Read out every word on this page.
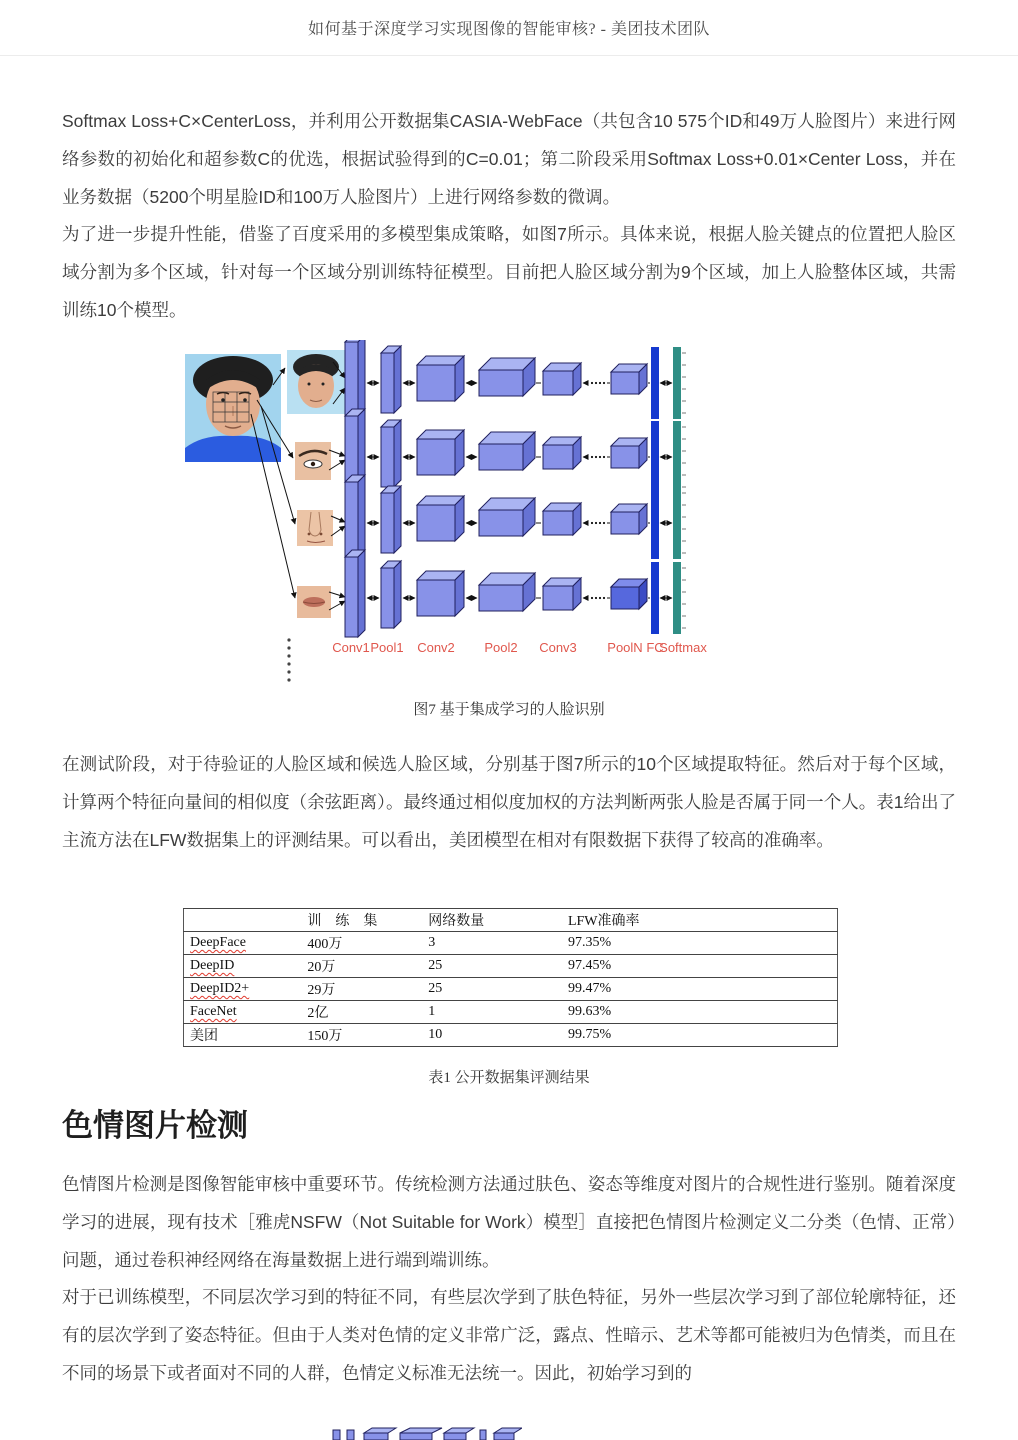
如何基于深度学习实现图像的智能审核? - 美团技术团队
Softmax Loss+C×CenterLoss，并利用公开数据集CASIA-WebFace（共包含10 575个ID和49万人脸图片）来进行网络参数的初始化和超参数C的优选，根据试验得到的C=0.01；第二阶段采用Softmax Loss+0.01×Center Loss，并在业务数据（5200个明星脸ID和100万人脸图片）上进行网络参数的微调。
为了进一步提升性能，借鉴了百度采用的多模型集成策略，如图7所示。具体来说，根据人脸关键点的位置把人脸区域分割为多个区域，针对每一个区域分别训练特征模型。目前把人脸区域分割为9个区域，加上人脸整体区域，共需训练10个模型。
Conv1 Pool1 Conv2 Pool2 Conv3 PoolN FC
Softmax
图7 基于集成学习的人脸识别
在测试阶段，对于待验证的人脸区域和候选人脸区域，分别基于图7所示的10个区域提取特征。然后对于每个区域，计算两个特征向量间的相似度（余弦距离）。最终通过相似度加权的方法判断两张人脸是否属于同一个人。表1给出了主流方法在LFW数据集上的评测结果。可以看出，美团模型在相对有限数据下获得了较高的准确率。
	训　练　集	网络数量	LFW准确率
DeepFace	400万	3	97.35%
DeepID	20万	25	97.45%
DeepID2+	29万	25	99.47%
FaceNet	2亿	1	99.63%
美团	150万	10	99.75%
表1 公开数据集评测结果
色情图片检测
色情图片检测是图像智能审核中重要环节。传统检测方法通过肤色、姿态等维度对图片的合规性进行鉴别。随着深度学习的进展，现有技术［雅虎NSFW（Not Suitable for Work）模型］直接把色情图片检测定义二分类（色情、正常）问题，通过卷积神经网络在海量数据上进行端到端训练。
对于已训练模型，不同层次学习到的特征不同，有些层次学到了肤色特征，另外一些层次学习到了部位轮廓特征，还有的层次学到了姿态特征。但由于人类对色情的定义非常广泛，露点、性暗示、艺术等都可能被归为色情类，而且在不同的场景下或者面对不同的人群，色情定义标准无法统一。因此，初始学习到的
